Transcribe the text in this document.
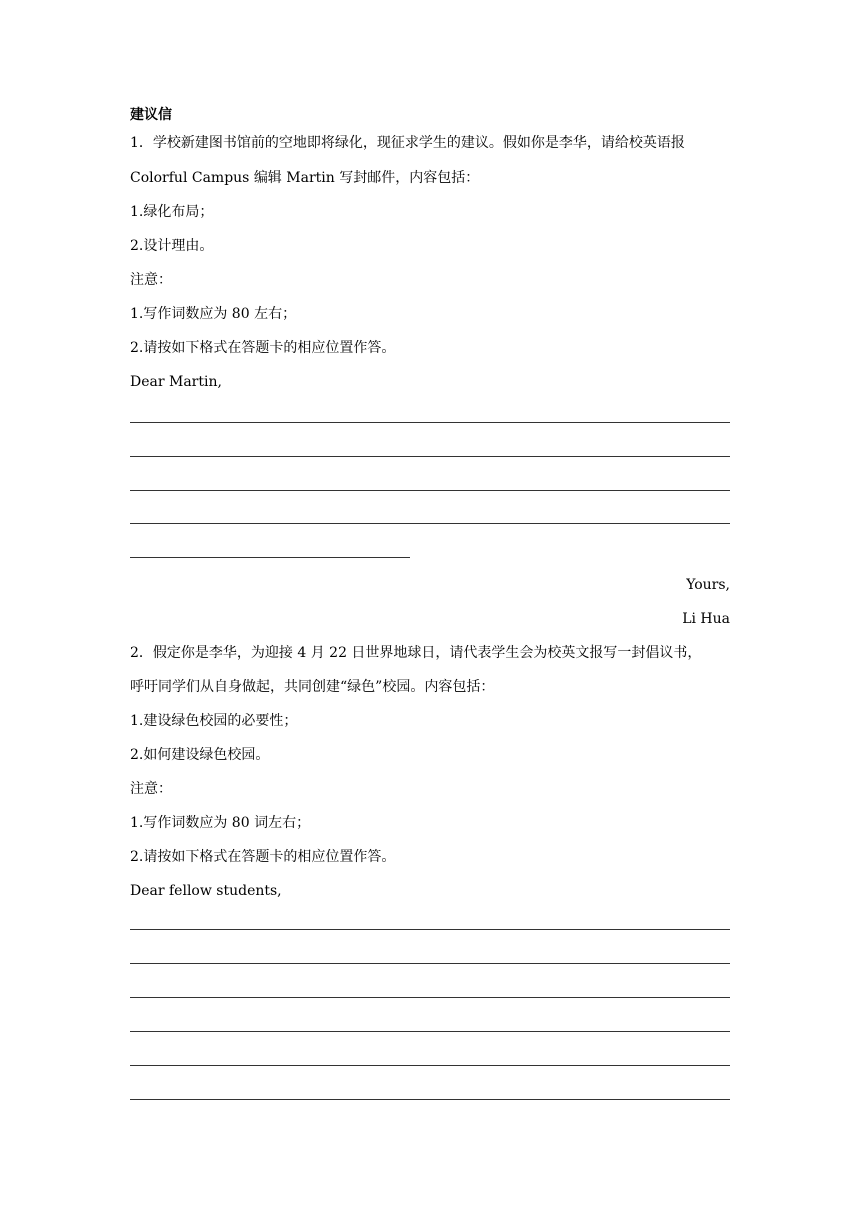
建议信
1．学校新建图书馆前的空地即将绿化，现征求学生的建议。假如你是李华，请给校英语报
Colorful Campus 编辑 Martin 写封邮件，内容包括：
1.绿化布局；
2.设计理由。
注意：
1.写作词数应为 80 左右；
2.请按如下格式在答题卡的相应位置作答。
Dear Martin,
Yours,
Li Hua
2．假定你是李华，为迎接 4 月 22 日世界地球日，请代表学生会为校英文报写一封倡议书，
呼吁同学们从自身做起，共同创建“绿色”校园。内容包括：
1.建设绿色校园的必要性；
2.如何建设绿色校园。
注意：
1.写作词数应为 80 词左右；
2.请按如下格式在答题卡的相应位置作答。
Dear fellow students,
